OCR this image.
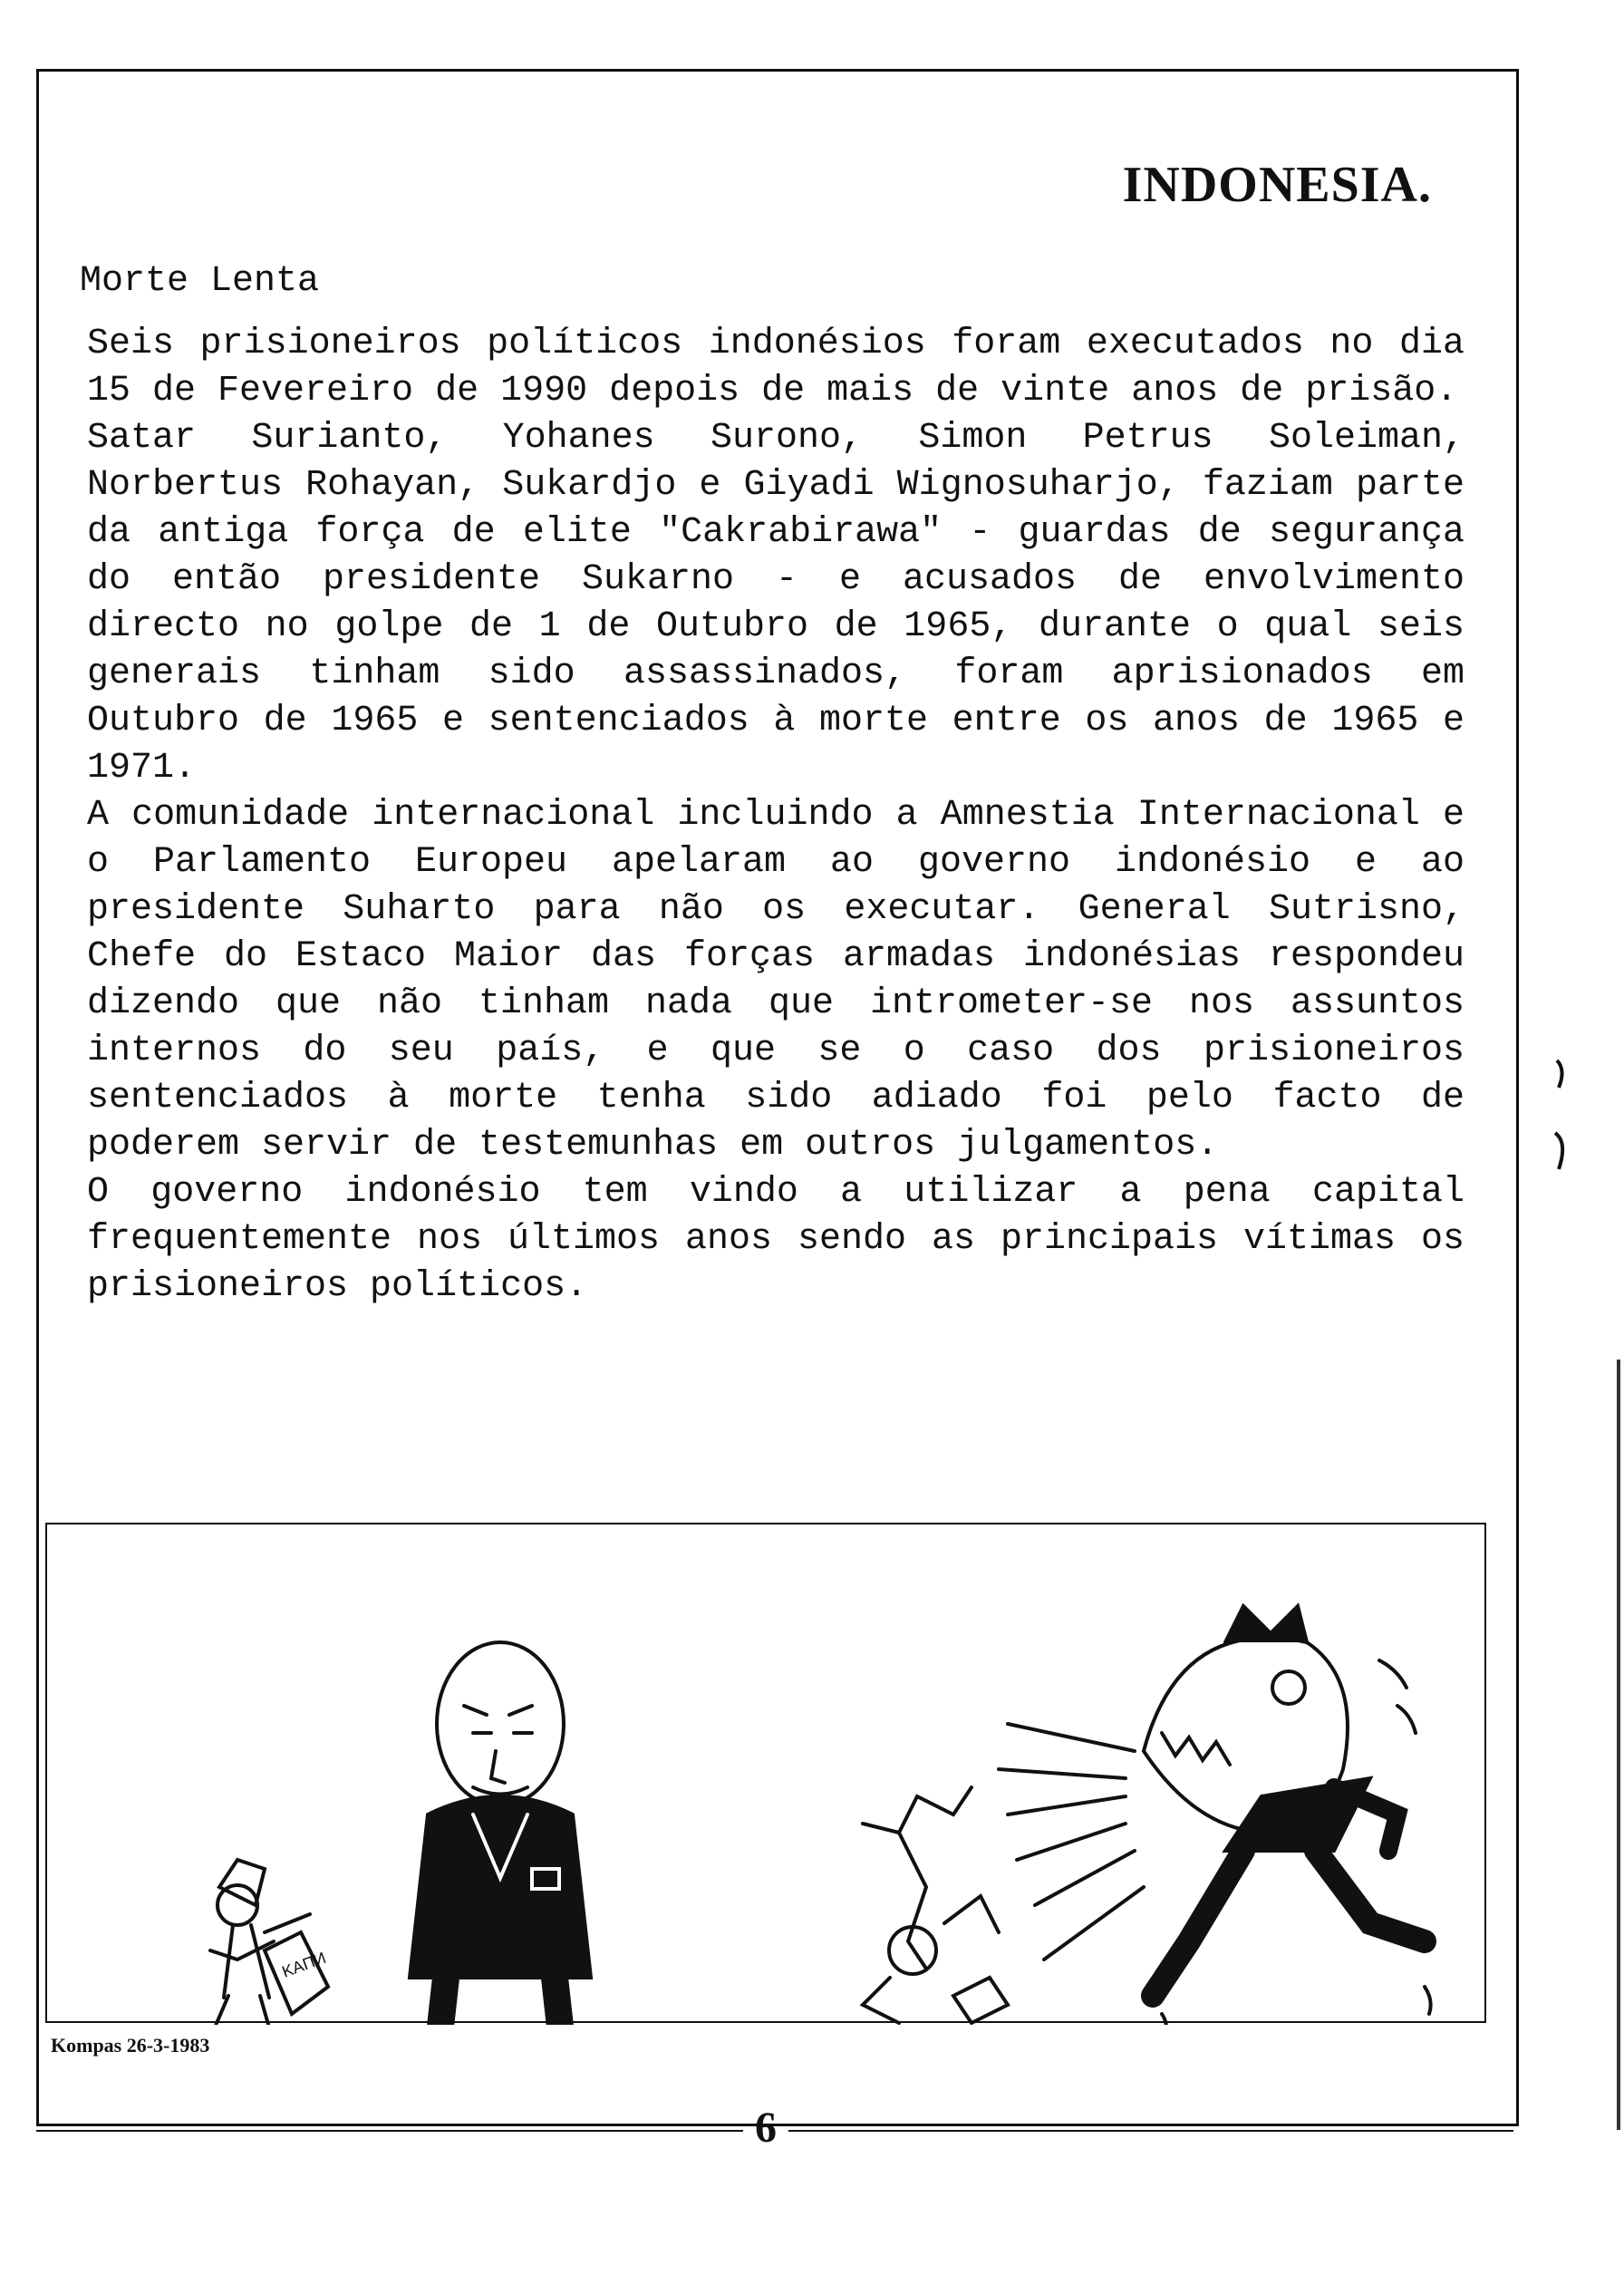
INDONESIA.
Morte Lenta

Seis prisioneiros políticos indonésios foram executados no dia 15 de Fevereiro de 1990 depois de mais de vinte anos de prisão.

Satar Surianto, Yohanes Surono, Simon Petrus Soleiman, Norbertus Rohayan, Sukardjo e Giyadi Wignosuharjo, faziam parte da antiga força de elite "Cakrabirawa" - guardas de segurança do então presidente Sukarno - e acusados de envolvimento directo no golpe de 1 de Outubro de 1965, durante o qual seis generais tinham sido assassinados, foram aprisionados em Outubro de 1965 e sentenciados à morte entre os anos de 1965 e 1971.

A comunidade internacional incluindo a Amnestia Internacional e o Parlamento Europeu apelaram ao governo indonésio e ao presidente Suharto para não os executar. General Sutrisno, Chefe do Estaco Maior das forças armadas indonésias respondeu dizendo que não tinham nada que intrometer-se nos assuntos internos do seu país, e que se o caso dos prisioneiros sentenciados à morte tenha sido adiado foi pelo facto de poderem servir de testemunhas em outros julgamentos.

O governo indonésio tem vindo a utilizar a pena capital frequentemente nos últimos anos sendo as principais vítimas os prisioneiros políticos.

KAПИ
Kompas 26-3-1983
6
